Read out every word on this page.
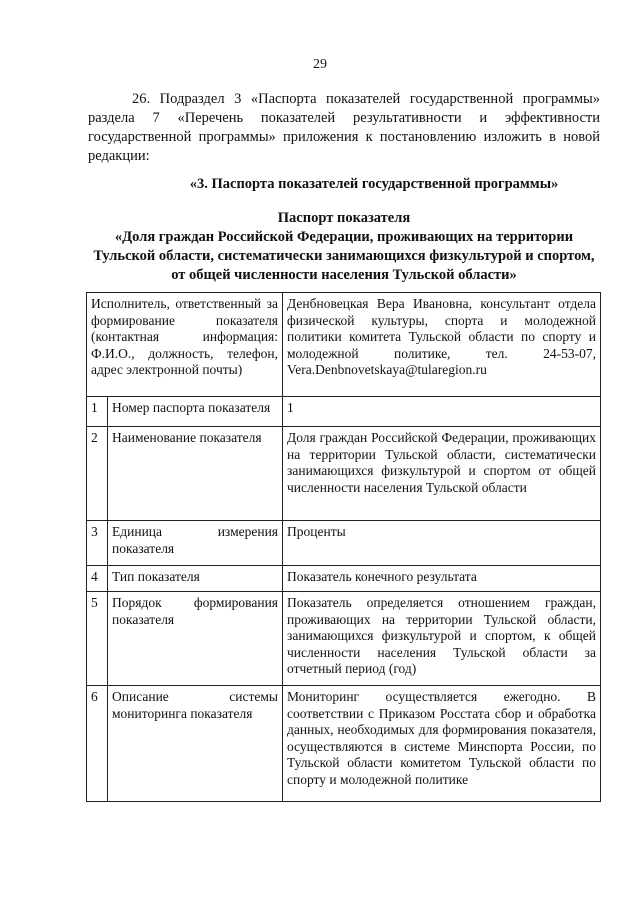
29

26. Подраздел 3 «Паспорта показателей государственной программы» раздела 7 «Перечень показателей результативности и эффективности государственной программы» приложения к постановлению изложить в новой редакции:

«3. Паспорта показателей государственной программы»
Паспорт показателя
«Доля граждан Российской Федерации, проживающих на территории Тульской области, систематически занимающихся физкультурой и спортом, от общей численности населения Тульской области»
Исполнитель, ответственный за формирование показателя (контактная информация: Ф.И.О., должность, телефон, адрес электронной почты)		Денбновецкая Вера Ивановна, консультант отдела физической культуры, спорта и молодежной политики комитета Тульской области по спорту и молодежной политике, тел. 24-53-07, Vera.Denbnovetskaya@tularegion.ru
1	Номер паспорта показателя	1
2	Наименование показателя	Доля граждан Российской Федерации, проживающих на территории Тульской области, систематически занимающихся физкультурой и спортом от общей численности населения Тульской области
3	Единица измерения показателя	Проценты
4	Тип показателя	Показатель конечного результата
5	Порядок формирования показателя	Показатель определяется отношением граждан, проживающих на территории Тульской области, занимающихся физкультурой и спортом, к общей численности населения Тульской области за отчетный период (год)
6	Описание системы мониторинга показателя	Мониторинг осуществляется ежегодно. В соответствии с Приказом Росстата сбор и обработка данных, необходимых для формирования показателя, осуществляются в системе Минспорта России, по Тульской области комитетом Тульской области по спорту и молодежной политике
